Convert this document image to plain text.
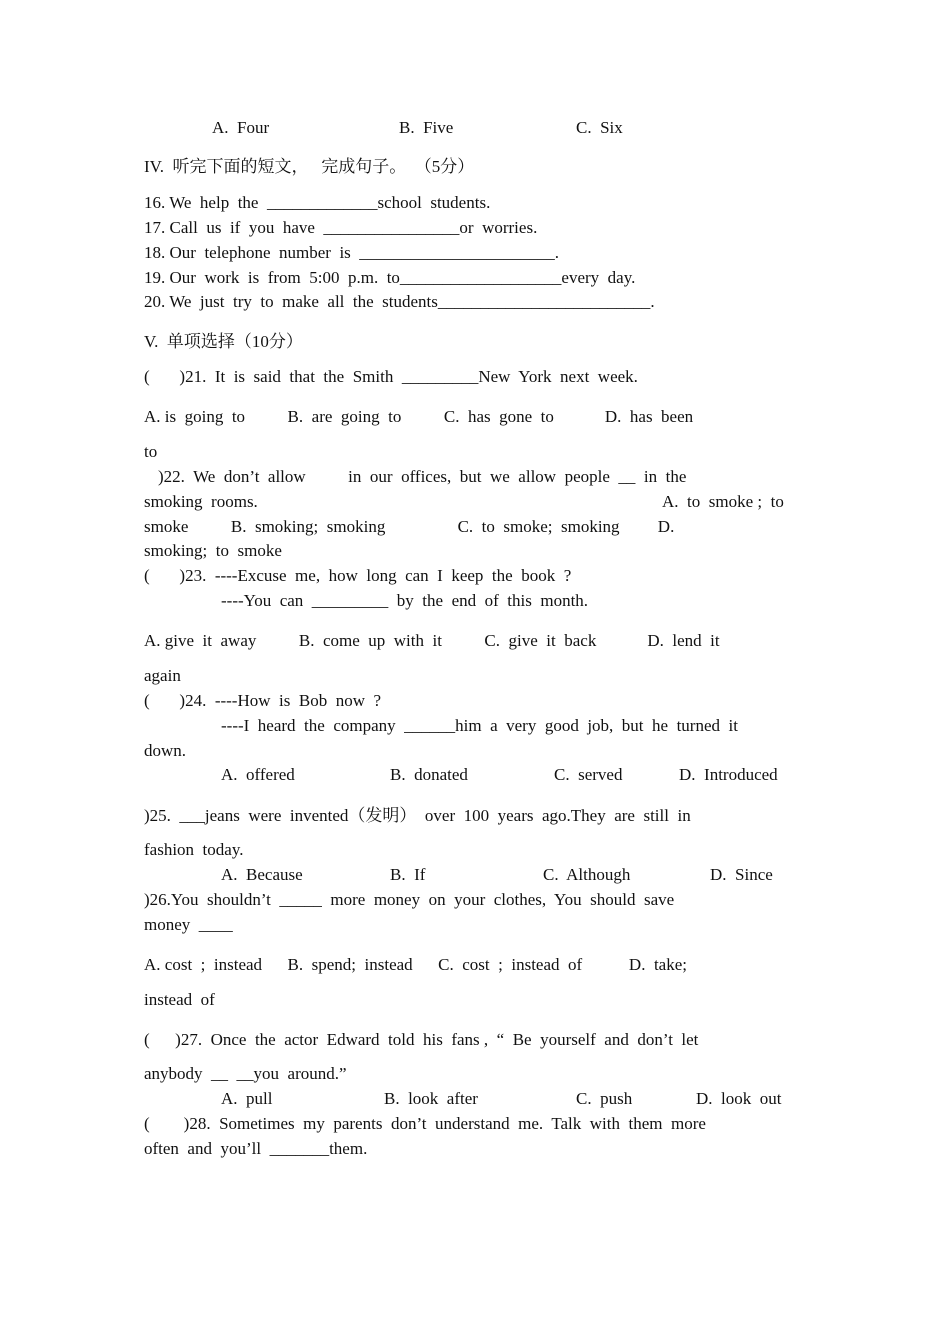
A.  Four	B.  Five	C.  Six
IV.  听完下面的短文，   完成句子。  （5分）
16. We  help  the  _____________school  students.
17. Call  us  if  you  have  ________________or  worries.
18. Our  telephone  number  is  _______________________.
19. Our  work  is  from  5:00  p.m.  to___________________every  day.
20. We  just  try  to  make  all  the  students_________________________.
V.  单项选择（10分）
(       )21.  It  is  said  that  the  Smith  _________New  York  next  week.
A. is  going  to          B.  are  going  to          C.  has  gone  to            D.  has  been
to
)22.  We  don’t  allow          in  our  offices,  but  we  allow  people  __  in  the
smoking  rooms.	A.  to  smoke ;  to
smoke          B.  smoking;  smoking                 C.  to  smoke;  smoking         D.
smoking;  to  smoke
(       )23.  ----Excuse  me,  how  long  can  I  keep  the  book  ?
----You  can  _________  by  the  end  of  this  month.
A. give  it  away          B.  come  up  with  it          C.  give  it  back            D.  lend  it
again
(       )24.  ----How  is  Bob  now  ?
----I  heard  the  company  ______him  a  very  good  job,  but  he  turned  it
down.
A.  offered	B.  donated	C.  served	D.  Introduced
)25.  ___jeans  were  invented（发明）  over  100  years  ago.They  are  still  in
fashion  today.
A.  Because	B.  If	C.  Although	D.  Since
)26.You  shouldn’t  _____  more  money  on  your  clothes,  You  should  save
money  ____
A. cost  ;  instead      B.  spend;  instead      C.  cost  ;  instead  of           D.  take;
instead  of
(      )27.  Once  the  actor  Edward  told  his  fans ,  “  Be  yourself  and  don’t  let
anybody  __  __you  around.”
A.  pull	B.  look  after	C.  push	D.  look  out
(        )28.  Sometimes  my  parents  don’t  understand  me.  Talk  with  them  more
often  and  you’ll  _______them.
